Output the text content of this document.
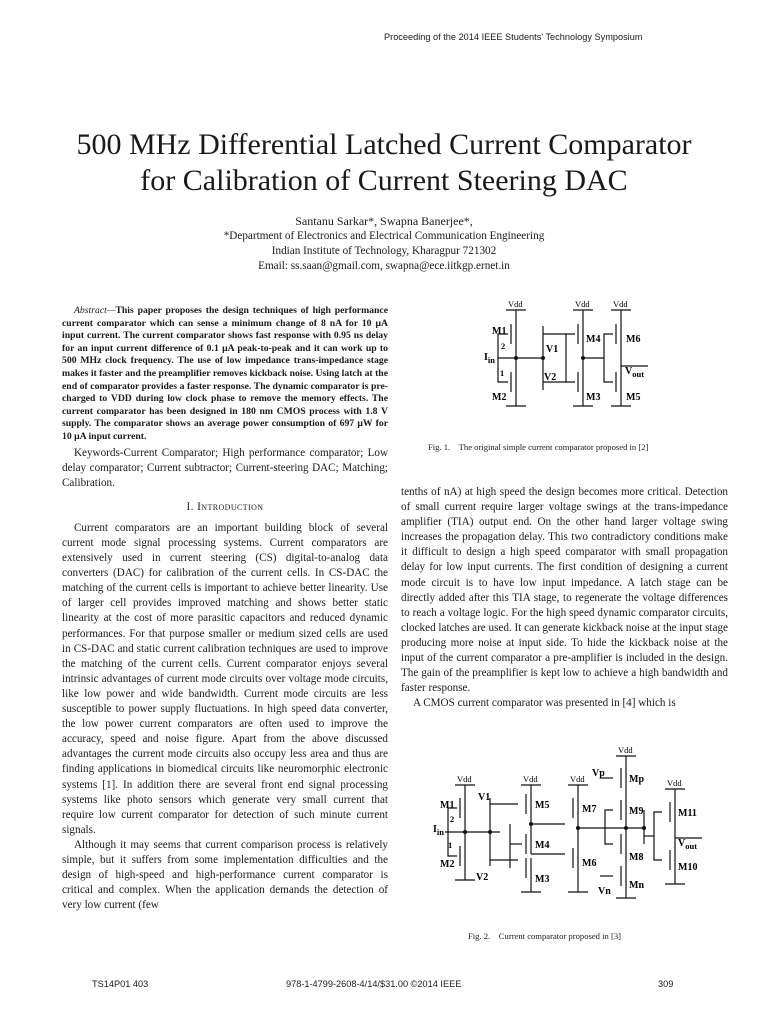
Proceeding of the 2014 IEEE Students' Technology Symposium
500 MHz Differential Latched Current Comparator
for Calibration of Current Steering DAC
Santanu Sarkar*, Swapna Banerjee*,
*Department of Electronics and Electrical Communication Engineering
Indian Institute of Technology, Kharagpur 721302
Email: ss.saan@gmail.com, swapna@ece.iitkgp.ernet.in

Abstract—This paper proposes the design techniques of high performance current comparator which can sense a minimum change of 8 nA for 10 μA input current. The current comparator shows fast response with 0.95 ns delay for an input current difference of 0.1 μA peak-to-peak and it can work up to 500 MHz clock frequency. The use of low impedance trans-impedance stage makes it faster and the preamplifier removes kickback noise. Using latch at the end of comparator provides a faster response. The dynamic comparator is pre-charged to VDD during low clock phase to remove the memory effects. The current comparator has been designed in 180 nm CMOS process with 1.8 V supply. The comparator shows an average power consumption of 697 μW for 10 μA input current.

Keywords-Current Comparator; High performance comparator; Low delay comparator; Current subtractor; Current-steering DAC; Matching; Calibration.

I. Introduction

Current comparators are an important building block of several current mode signal processing systems. Current comparators are extensively used in current steering (CS) digital-to-analog data converters (DAC) for calibration of the current cells. In CS-DAC the matching of the current cells is important to achieve better linearity. Use of larger cell provides improved matching and shows better static linearity at the cost of more parasitic capacitors and reduced dynamic performances. For that purpose smaller or medium sized cells are used in CS-DAC and static current calibration techniques are used to improve the matching of the current cells. Current comparator enjoys several intrinsic advantages of current mode circuits over voltage mode circuits, like low power and wide bandwidth. Current mode circuits are less susceptible to power supply fluctuations. In high speed data converter, the low power current comparators are often used to improve the accuracy, speed and noise figure. Apart from the above discussed advantages the current mode circuits also occupy less area and thus are finding applications in biomedical circuits like neuromorphic electronic systems [1]. In addition there are several front end signal processing systems like photo sensors which generate very small current that require low current comparator for detection of such minute current signals.

Although it may seems that current comparison process is relatively simple, but it suffers from some implementation difficulties and the design of high-speed and high-performance current comparator is critical and complex. When the application demands the detection of very low current (few

tenths of nA) at high speed the design becomes more critical. Detection of small current require larger voltage swings at the trans-impedance amplifier (TIA) output end. On the other hand larger voltage swing increases the propagation delay. This two contradictory conditions make it difficult to design a high speed comparator with small propagation delay for low input currents. The first condition of designing a current mode circuit is to have low input impedance. A latch stage can be directly added after this TIA stage, to regenerate the voltage differences to reach a voltage logic. For the high speed dynamic comparator circuits, clocked latches are used. It can generate kickback noise at the input stage producing more noise at input side. To hide the kickback noise at the input of the current comparator a pre-amplifier is included in the design. The gain of the preamplifier is kept low to achieve a high bandwidth and faster response.

A CMOS current comparator was presented in [4] which is

Vdd	Vdd	Vdd
M1
M2	M3
M4
M5
M6
V1
V2
$I_{in}$
$V_{out}$
2
1
Fig. 1.    The original simple current comparator proposed in [2]
Vdd
Vdd	Vdd	Vdd	Vdd
M1
M2
M3
M4
M5
M6
M7
M8
M9
M10
M11
Mp
Mn
Vp
Vn
V1
V2
$I_{in}$
$V_{out}$
2
1
Fig. 2.    Current comparator proposed in [3]
TS14P01 403	978-1-4799-2608-4/14/$31.00 ©2014 IEEE	309
